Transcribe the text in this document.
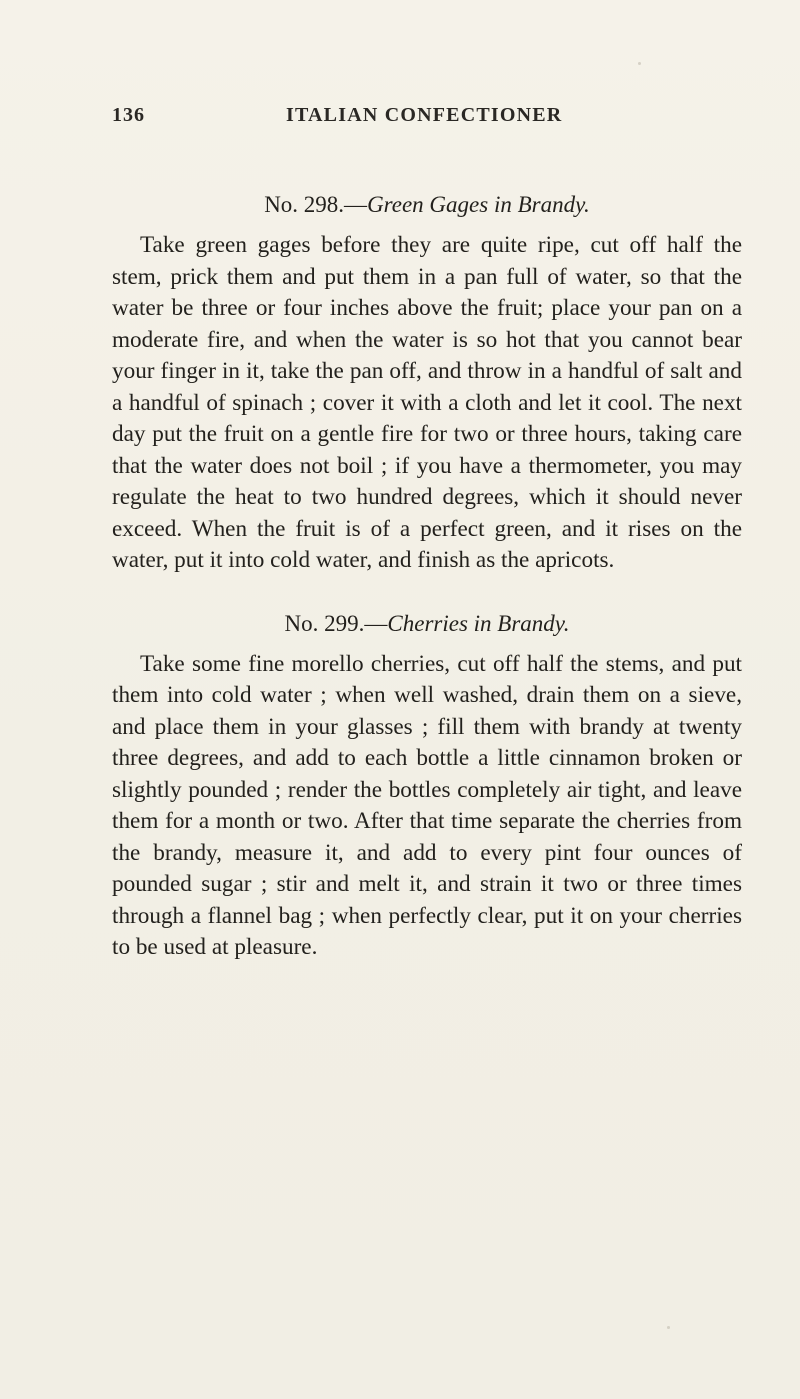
136	ITALIAN CONFECTIONER
No. 298.—Green Gages in Brandy.

Take green gages before they are quite ripe, cut off half the stem, prick them and put them in a pan full of water, so that the water be three or four inches above the fruit; place your pan on a moderate fire, and when the water is so hot that you cannot bear your finger in it, take the pan off, and throw in a handful of salt and a handful of spinach ; cover it with a cloth and let it cool. The next day put the fruit on a gentle fire for two or three hours, taking care that the water does not boil ; if you have a thermometer, you may regulate the heat to two hundred degrees, which it should never exceed. When the fruit is of a perfect green, and it rises on the water, put it into cold water, and finish as the apricots.

No. 299.—Cherries in Brandy.

Take some fine morello cherries, cut off half the stems, and put them into cold water ; when well washed, drain them on a sieve, and place them in your glasses ; fill them with brandy at twenty three degrees, and add to each bottle a little cinnamon broken or slightly pounded ; render the bottles completely air tight, and leave them for a month or two. After that time separate the cherries from the brandy, measure it, and add to every pint four ounces of pounded sugar ; stir and melt it, and strain it two or three times through a flannel bag ; when perfectly clear, put it on your cherries to be used at pleasure.
